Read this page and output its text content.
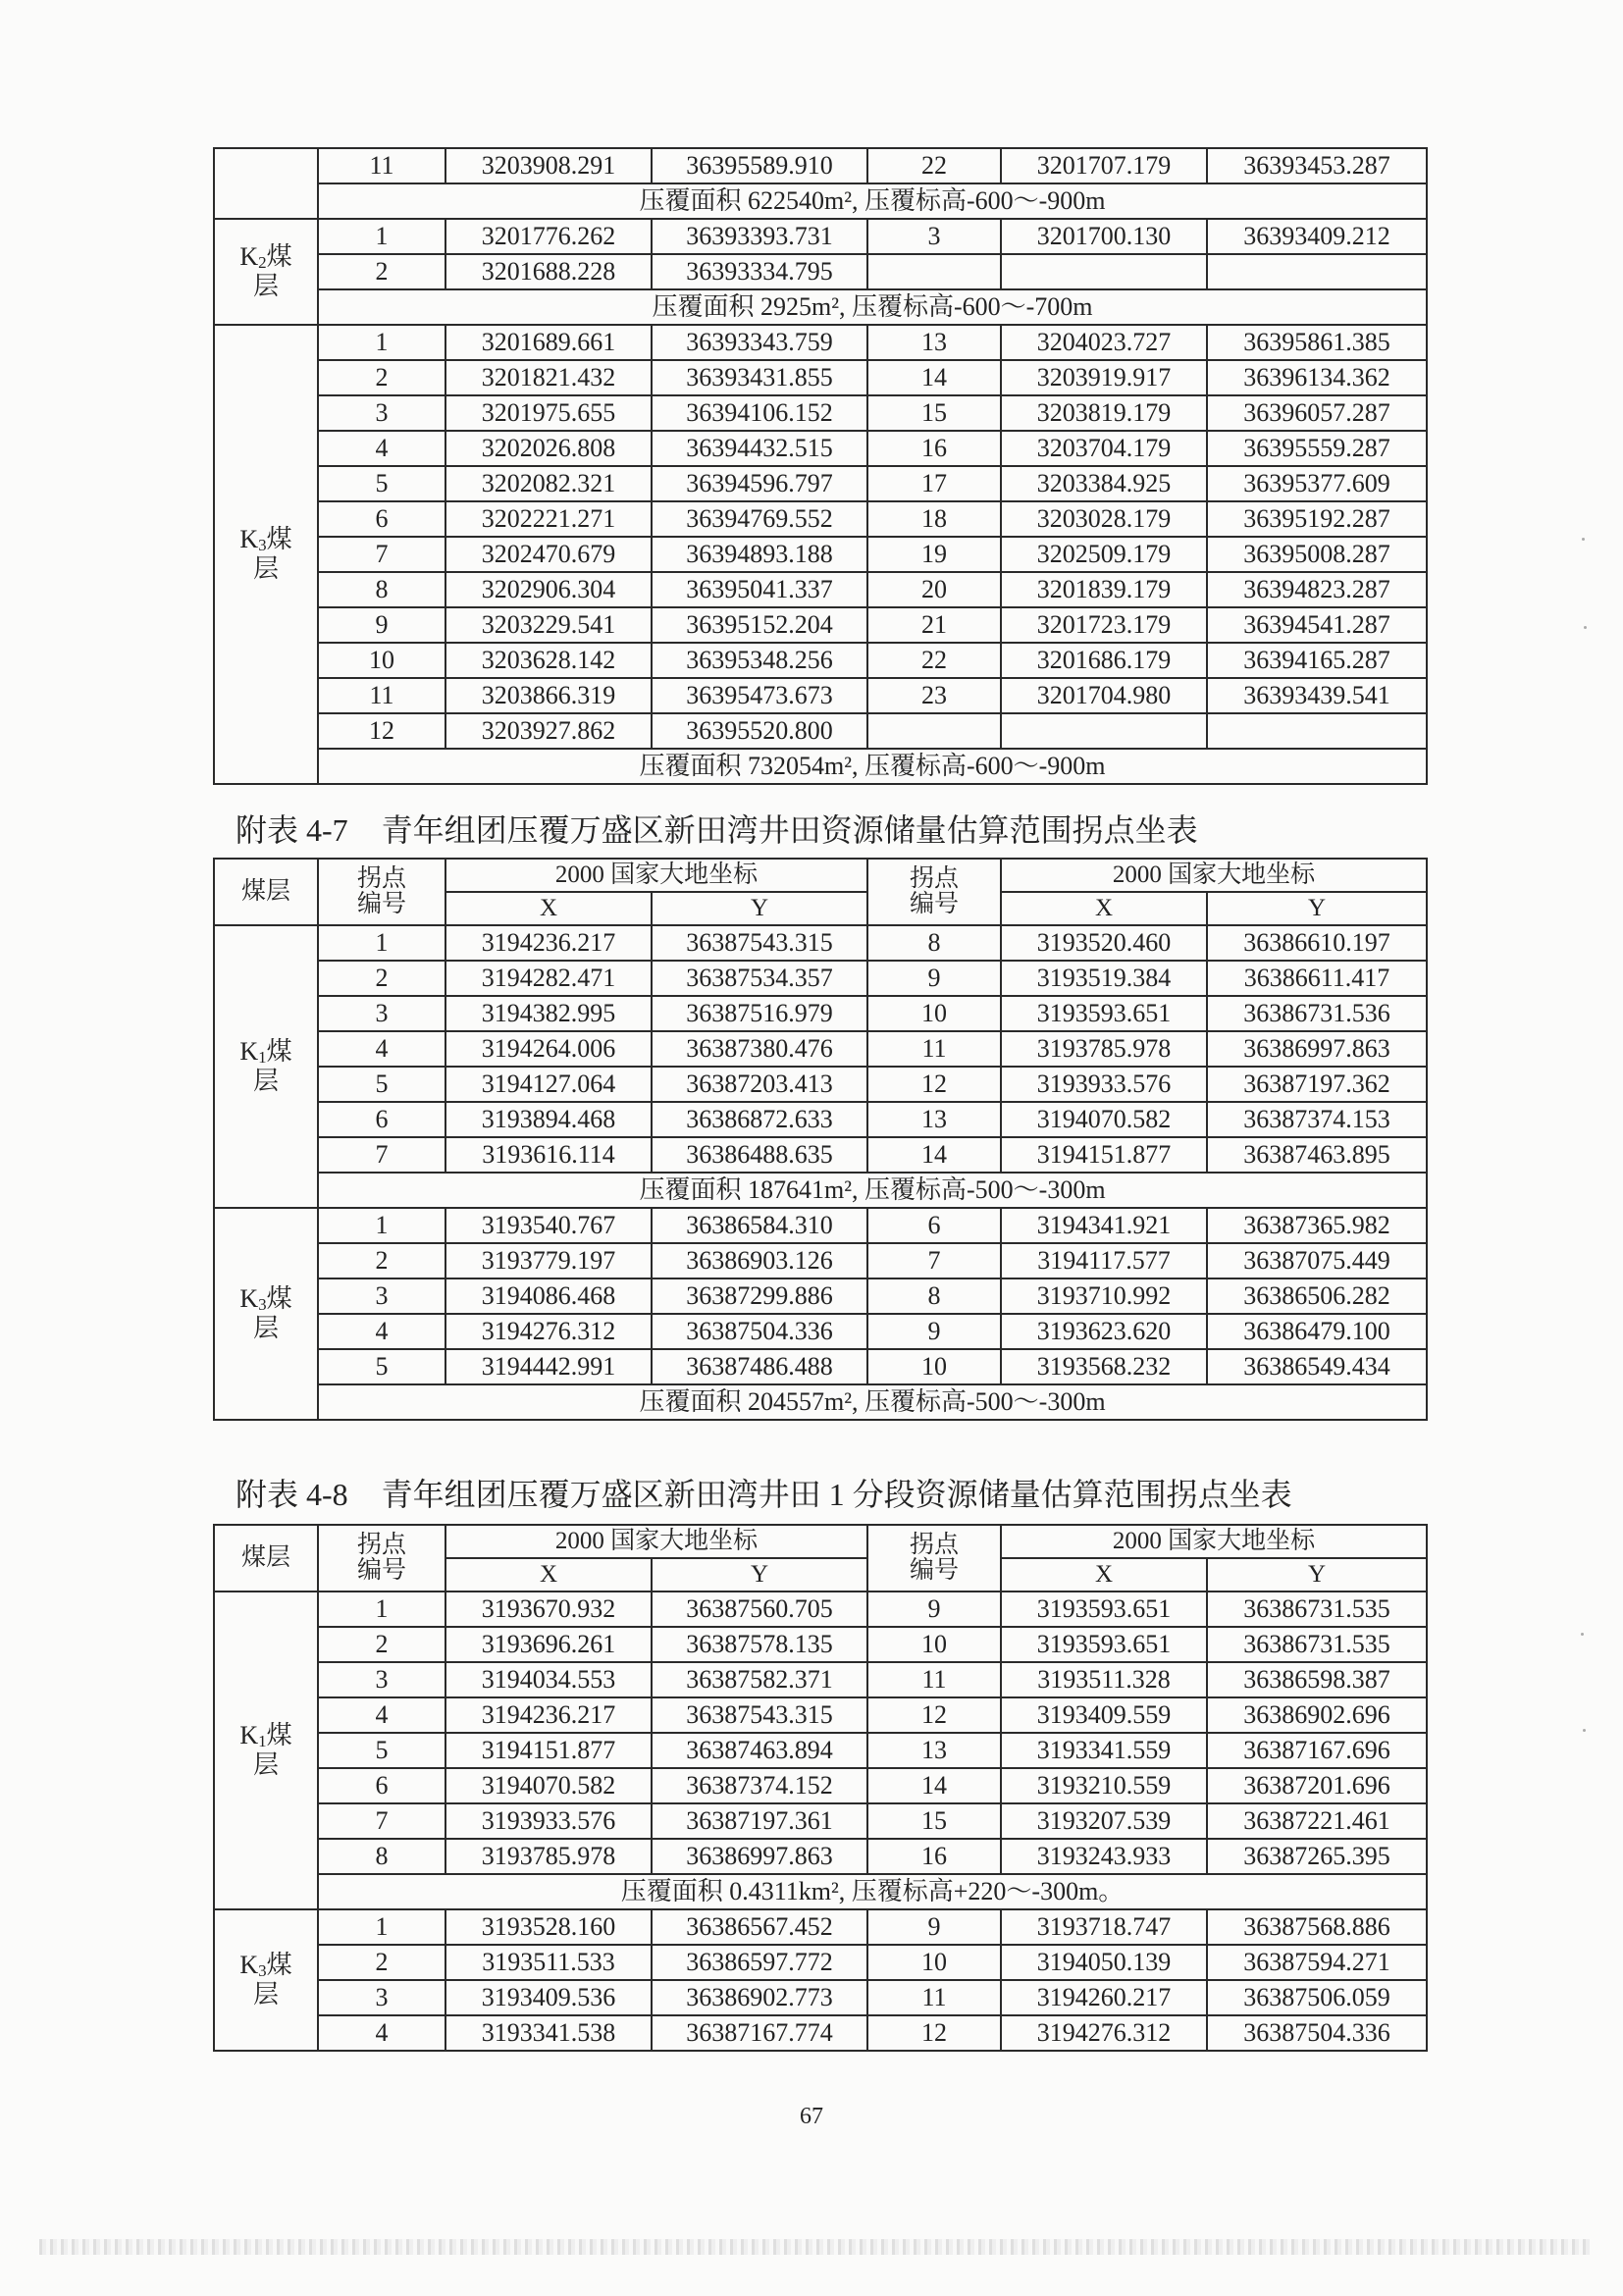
	11	3203908.291	36395589.910	22	3201707.179	36393453.287
	压覆面积 622540m², 压覆标高-600～-900m					
K2煤层	1	3201776.262	36393393.731	3	3201700.130	36393409.212
	2	3201688.228	36393334.795			
	压覆面积 2925m², 压覆标高-600～-700m					
K3煤层	1	3201689.661	36393343.759	13	3204023.727	36395861.385
	2	3201821.432	36393431.855	14	3203919.917	36396134.362
	3	3201975.655	36394106.152	15	3203819.179	36396057.287
	4	3202026.808	36394432.515	16	3203704.179	36395559.287
	5	3202082.321	36394596.797	17	3203384.925	36395377.609
	6	3202221.271	36394769.552	18	3203028.179	36395192.287
	7	3202470.679	36394893.188	19	3202509.179	36395008.287
	8	3202906.304	36395041.337	20	3201839.179	36394823.287
	9	3203229.541	36395152.204	21	3201723.179	36394541.287
	10	3203628.142	36395348.256	22	3201686.179	36394165.287
	11	3203866.319	36395473.673	23	3201704.980	36393439.541
	12	3203927.862	36395520.800			
	压覆面积 732054m², 压覆标高-600～-900m					
附表 4-7 青年组团压覆万盛区新田湾井田资源储量估算范围拐点坐表
煤层	拐点编号	2000 国家大地坐标		拐点编号	2000 国家大地坐标	
		X	Y		X	Y
K1煤层	1	3194236.217	36387543.315	8	3193520.460	36386610.197
	2	3194282.471	36387534.357	9	3193519.384	36386611.417
	3	3194382.995	36387516.979	10	3193593.651	36386731.536
	4	3194264.006	36387380.476	11	3193785.978	36386997.863
	5	3194127.064	36387203.413	12	3193933.576	36387197.362
	6	3193894.468	36386872.633	13	3194070.582	36387374.153
	7	3193616.114	36386488.635	14	3194151.877	36387463.895
	压覆面积 187641m², 压覆标高-500～-300m					
K3煤层	1	3193540.767	36386584.310	6	3194341.921	36387365.982
	2	3193779.197	36386903.126	7	3194117.577	36387075.449
	3	3194086.468	36387299.886	8	3193710.992	36386506.282
	4	3194276.312	36387504.336	9	3193623.620	36386479.100
	5	3194442.991	36387486.488	10	3193568.232	36386549.434
	压覆面积 204557m², 压覆标高-500～-300m					
附表 4-8 青年组团压覆万盛区新田湾井田 1 分段资源储量估算范围拐点坐表
煤层	拐点编号	2000 国家大地坐标		拐点编号	2000 国家大地坐标	
		X	Y		X	Y
K1煤层	1	3193670.932	36387560.705	9	3193593.651	36386731.535
	2	3193696.261	36387578.135	10	3193593.651	36386731.535
	3	3194034.553	36387582.371	11	3193511.328	36386598.387
	4	3194236.217	36387543.315	12	3193409.559	36386902.696
	5	3194151.877	36387463.894	13	3193341.559	36387167.696
	6	3194070.582	36387374.152	14	3193210.559	36387201.696
	7	3193933.576	36387197.361	15	3193207.539	36387221.461
	8	3193785.978	36386997.863	16	3193243.933	36387265.395
	压覆面积 0.4311km², 压覆标高+220～-300m。					
K3煤层	1	3193528.160	36386567.452	9	3193718.747	36387568.886
	2	3193511.533	36386597.772	10	3194050.139	36387594.271
	3	3193409.536	36386902.773	11	3194260.217	36387506.059
	4	3193341.538	36387167.774	12	3194276.312	36387504.336
67
